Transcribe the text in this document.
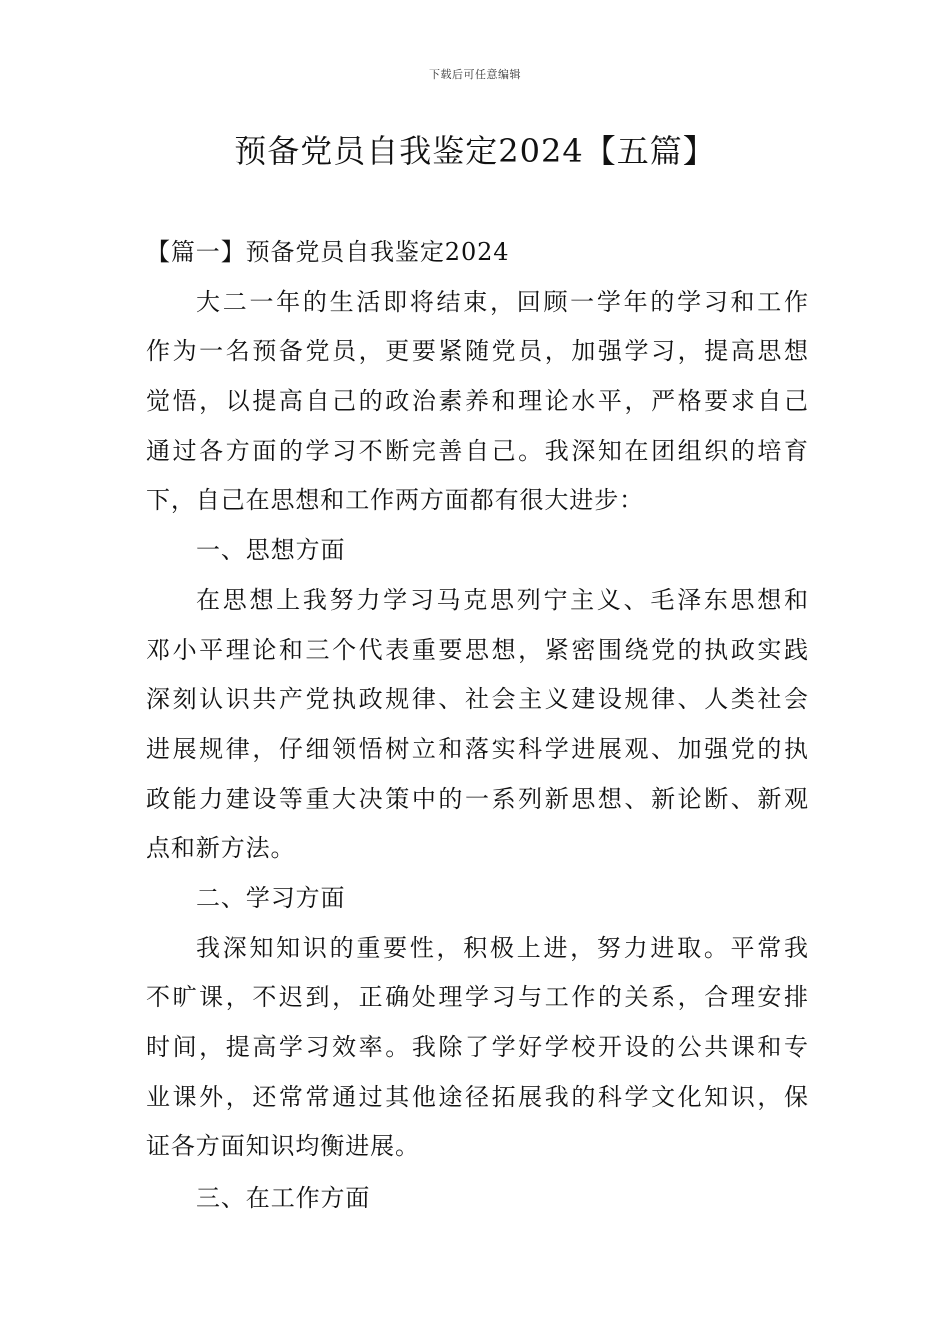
下载后可任意编辑
预备党员自我鉴定2024【五篇】

【篇一】预备党员自我鉴定2024

大二一年的生活即将结束，回顾一学年的学习和工作

作为一名预备党员，更要紧随党员，加强学习，提高思想

觉悟，以提高自己的政治素养和理论水平，严格要求自己

通过各方面的学习不断完善自己。我深知在团组织的培育

下，自己在思想和工作两方面都有很大进步：

一、思想方面

在思想上我努力学习马克思列宁主义、毛泽东思想和

邓小平理论和三个代表重要思想，紧密围绕党的执政实践

深刻认识共产党执政规律、社会主义建设规律、人类社会

进展规律，仔细领悟树立和落实科学进展观、加强党的执

政能力建设等重大决策中的一系列新思想、新论断、新观

点和新方法。

二、学习方面

我深知知识的重要性，积极上进，努力进取。平常我

不旷课，不迟到，正确处理学习与工作的关系，合理安排

时间，提高学习效率。我除了学好学校开设的公共课和专

业课外，还常常通过其他途径拓展我的科学文化知识，保

证各方面知识均衡进展。

三、在工作方面
